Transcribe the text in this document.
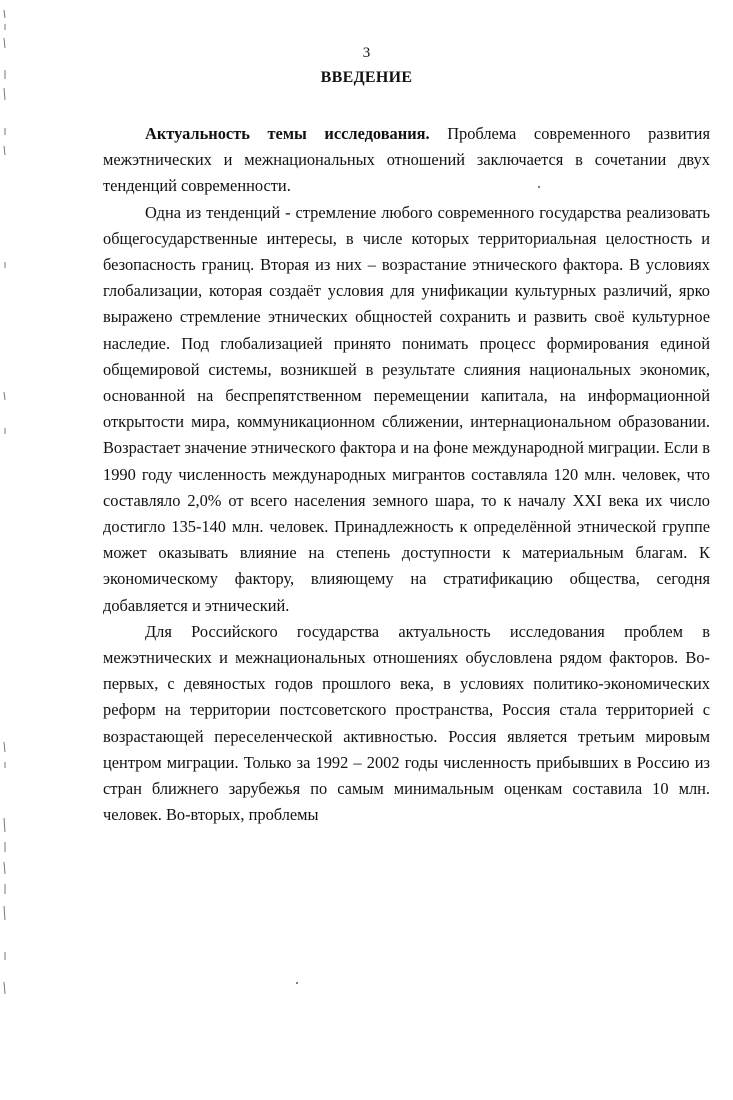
3
ВВЕДЕНИЕ

Актуальность темы исследования. Проблема современного развития межэтнических и межнациональных отношений заключается в сочетании двух тенденций современности.

Одна из тенденций - стремление любого современного государства реализовать общегосударственные интересы, в числе которых территориальная целостность и безопасность границ. Вторая из них – возрастание этнического фактора. В условиях глобализации, которая создаёт условия для унификации культурных различий, ярко выражено стремление этнических общностей сохранить и развить своё культурное наследие. Под глобализацией принято понимать процесс формирования единой общемировой системы, возникшей в результате слияния национальных экономик, основанной на беспрепятственном перемещении капитала, на информационной открытости мира, коммуникационном сближении, интернациональном образовании. Возрастает значение этнического фактора и на фоне международной миграции. Если в 1990 году численность международных мигрантов составляла 120 млн. человек, что составляло 2,0% от всего населения земного шара, то к началу XXI века их число достигло 135-140 млн. человек. Принадлежность к определённой этнической группе может оказывать влияние на степень доступности к материальным благам. К экономическому фактору, влияющему на стратификацию общества, сегодня добавляется и этнический.

Для Российского государства актуальность исследования проблем в межэтнических и межнациональных отношениях обусловлена рядом факторов. Во-первых, с девяностых годов прошлого века, в условиях политико-экономических реформ на территории постсоветского пространства, Россия стала территорией с возрастающей переселенческой активностью. Россия является третьим мировым центром миграции. Только за 1992 – 2002 годы численность прибывших в Россию из стран ближнего зарубежья по самым минимальным оценкам составила 10 млн. человек. Во-вторых, проблемы
